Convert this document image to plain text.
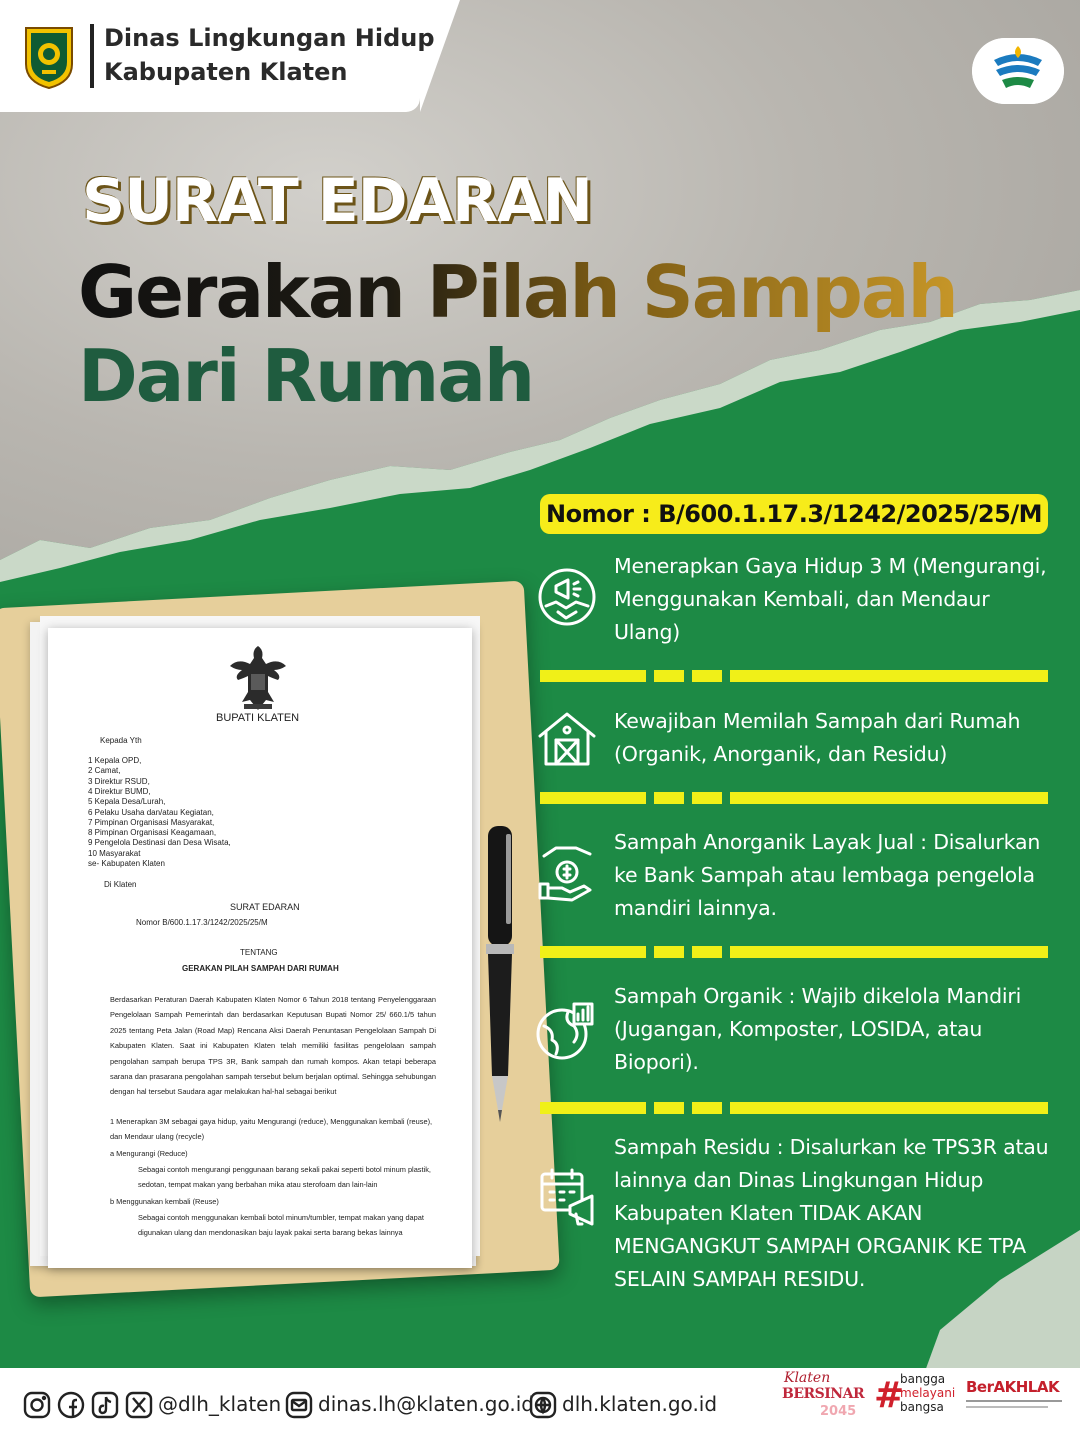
Dinas Lingkungan Hidup
Kabupaten Klaten
SURAT EDARAN
Gerakan Pilah Sampah
Dari Rumah
BUPATI KLATEN
Kepada Yth
1 Kepala OPD,
2 Camat,
3 Direktur RSUD,
4 Direktur BUMD,
5 Kepala Desa/Lurah,
6 Pelaku Usaha dan/atau Kegiatan,
7 Pimpinan Organisasi Masyarakat,
8 Pimpinan Organisasi Keagamaan,
9 Pengelola Destinasi dan Desa Wisata,
10 Masyarakat
se- Kabupaten Klaten
Di Klaten
SURAT EDARAN
Nomor B/600.1.17.3/1242/2025/25/M
TENTANG
GERAKAN PILAH SAMPAH DARI RUMAH
Berdasarkan Peraturan Daerah Kabupaten Klaten Nomor 6 Tahun 2018 tentang Penyelenggaraan Pengelolaan Sampah Pemerintah dan berdasarkan Keputusan Bupati Nomor 25/ 660.1/5 tahun 2025 tentang Peta Jalan (Road Map) Rencana Aksi Daerah Penuntasan Pengelolaan Sampah Di Kabupaten Klaten. Saat ini Kabupaten Klaten telah memiliki fasilitas pengelolaan sampah pengolahan sampah berupa TPS 3R, Bank sampah dan rumah kompos. Akan tetapi beberapa sarana dan prasarana pengolahan sampah tersebut belum berjalan optimal. Sehingga sehubungan dengan hal tersebut Saudara agar melakukan hal-hal sebagai berikut
1 Menerapkan 3M sebagai gaya hidup, yaitu Mengurangi (reduce), Menggunakan kembali (reuse), dan Mendaur ulang (recycle)
a Mengurangi (Reduce)
Sebagai contoh mengurangi penggunaan barang sekali pakai seperti botol minum plastik, sedotan, tempat makan yang berbahan mika atau sterofoam dan lain-lain
b Menggunakan kembali (Reuse)
Sebagai contoh menggunakan kembali botol minum/tumbler, tempat makan yang dapat digunakan ulang dan mendonasikan baju layak pakai serta barang bekas lainnya
Nomor : B/600.1.17.3/1242/2025/25/M
Menerapkan Gaya Hidup 3 M (Mengurangi, Menggunakan Kembali, dan Mendaur Ulang)
Kewajiban Memilah Sampah dari Rumah (Organik, Anorganik, dan Residu)
Sampah Anorganik Layak Jual : Disalurkan ke Bank Sampah atau lembaga pengelola mandiri lainnya.
Sampah Organik : Wajib dikelola Mandiri (Jugangan, Komposter, LOSIDA, atau Biopori).
Sampah Residu : Disalurkan ke TPS3R atau lainnya dan Dinas Lingkungan Hidup Kabupaten Klaten TIDAK AKAN MENGANGKUT SAMPAH ORGANIK KE TPA SELAIN SAMPAH RESIDU.
@dlh_klaten dinas.lh@klaten.go.id dlh.klaten.go.id
Klaten
BERSINAR
2045 #
bangga
melayani
bangsa
BerAKHLAK
